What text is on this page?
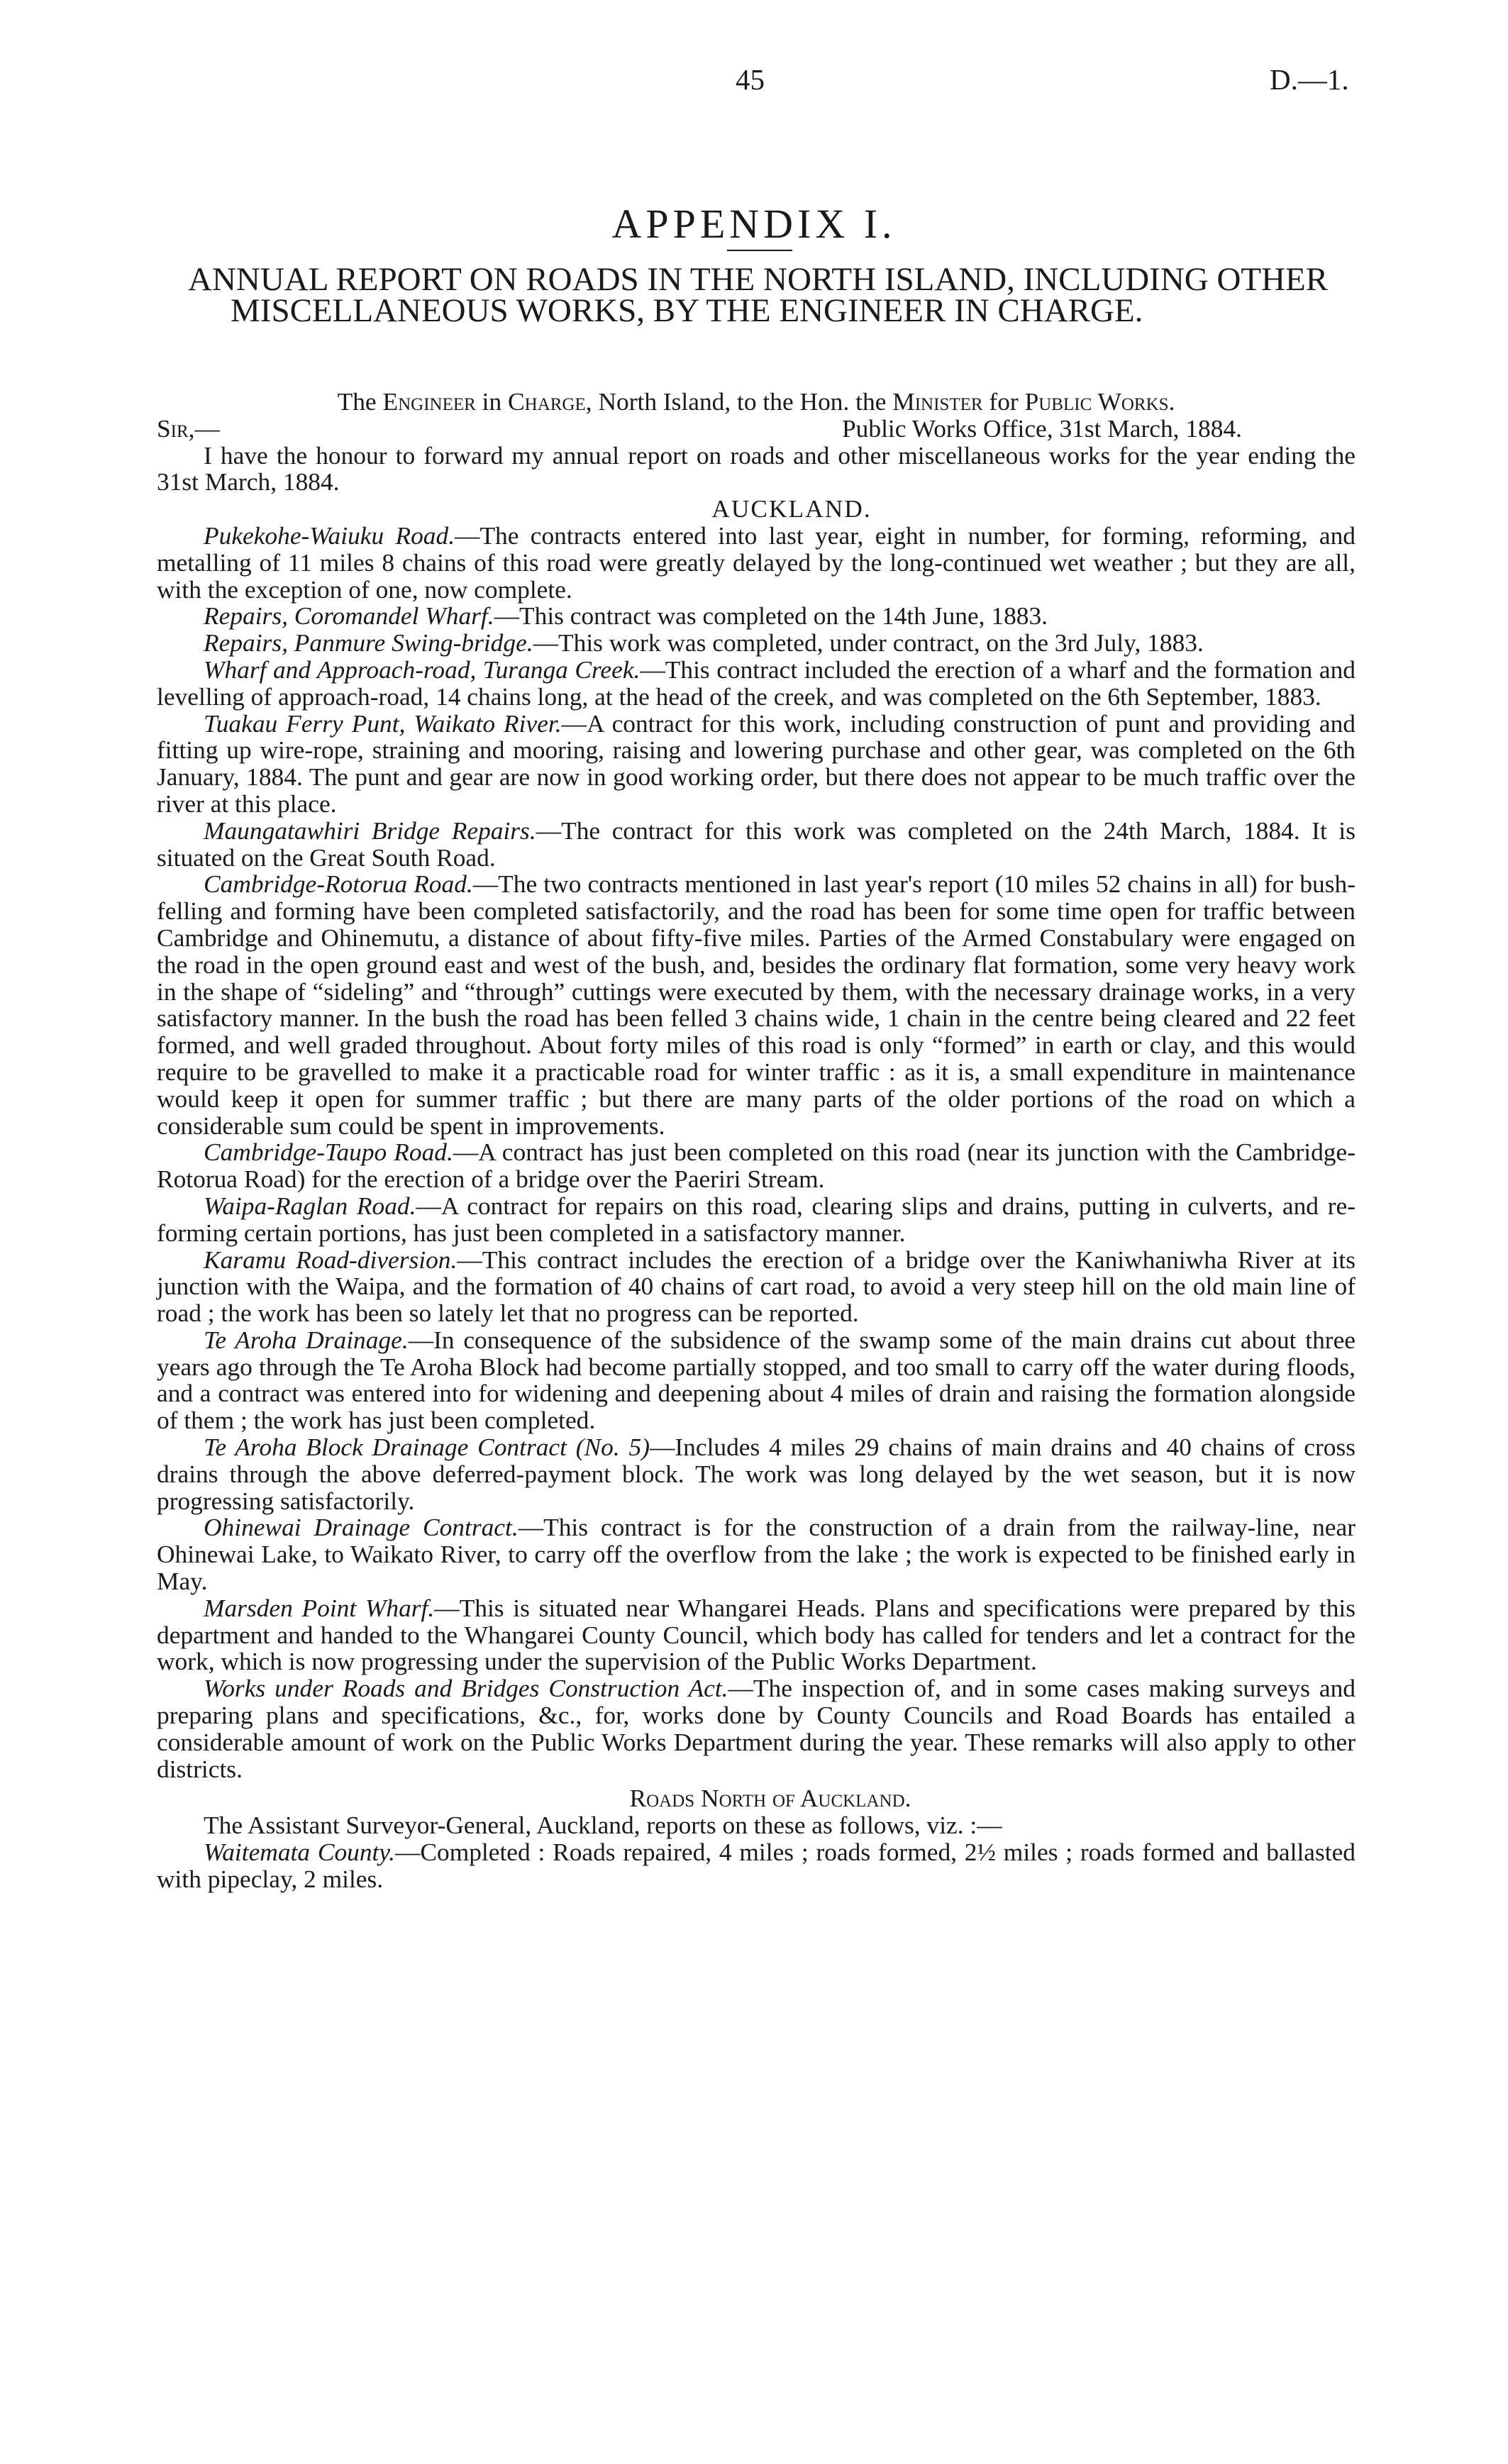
45	D.—1.
APPENDIX I.
ANNUAL REPORT ON ROADS IN THE NORTH ISLAND, INCLUDING OTHER MISCELLANEOUS WORKS, BY THE ENGINEER IN CHARGE.

The Engineer in Charge, North Island, to the Hon. the Minister for Public Works.

Sir,—	Public Works Office, 31st March, 1884.

I have the honour to forward my annual report on roads and other miscellaneous works for the year ending the 31st March, 1884.

AUCKLAND.

Pukekohe-Waiuku Road.—The contracts entered into last year, eight in number, for forming, reforming, and metalling of 11 miles 8 chains of this road were greatly delayed by the long-continued wet weather ; but they are all, with the exception of one, now complete.

Repairs, Coromandel Wharf.—This contract was completed on the 14th June, 1883.

Repairs, Panmure Swing-bridge.—This work was completed, under contract, on the 3rd July, 1883.

Wharf and Approach-road, Turanga Creek.—This contract included the erection of a wharf and the formation and levelling of approach-road, 14 chains long, at the head of the creek, and was completed on the 6th September, 1883.

Tuakau Ferry Punt, Waikato River.—A contract for this work, including construction of punt and providing and fitting up wire-rope, straining and mooring, raising and lowering purchase and other gear, was completed on the 6th January, 1884. The punt and gear are now in good working order, but there does not appear to be much traffic over the river at this place.

Maungatawhiri Bridge Repairs.—The contract for this work was completed on the 24th March, 1884. It is situated on the Great South Road.

Cambridge-Rotorua Road.—The two contracts mentioned in last year's report (10 miles 52 chains in all) for bush-felling and forming have been completed satisfactorily, and the road has been for some time open for traffic between Cambridge and Ohinemutu, a distance of about fifty-five miles. Parties of the Armed Constabulary were engaged on the road in the open ground east and west of the bush, and, besides the ordinary flat formation, some very heavy work in the shape of “sideling” and “through” cuttings were executed by them, with the necessary drainage works, in a very satisfactory manner. In the bush the road has been felled 3 chains wide, 1 chain in the centre being cleared and 22 feet formed, and well graded throughout. About forty miles of this road is only “formed” in earth or clay, and this would require to be gravelled to make it a practicable road for winter traffic : as it is, a small expenditure in maintenance would keep it open for summer traffic ; but there are many parts of the older portions of the road on which a considerable sum could be spent in improvements.

Cambridge-Taupo Road.—A contract has just been completed on this road (near its junction with the Cambridge-Rotorua Road) for the erection of a bridge over the Paeriri Stream.

Waipa-Raglan Road.—A contract for repairs on this road, clearing slips and drains, putting in culverts, and re-forming certain portions, has just been completed in a satisfactory manner.

Karamu Road-diversion.—This contract includes the erection of a bridge over the Kaniwhaniwha River at its junction with the Waipa, and the formation of 40 chains of cart road, to avoid a very steep hill on the old main line of road ; the work has been so lately let that no progress can be reported.

Te Aroha Drainage.—In consequence of the subsidence of the swamp some of the main drains cut about three years ago through the Te Aroha Block had become partially stopped, and too small to carry off the water during floods, and a contract was entered into for widening and deepening about 4 miles of drain and raising the formation alongside of them ; the work has just been completed.

Te Aroha Block Drainage Contract (No. 5)—Includes 4 miles 29 chains of main drains and 40 chains of cross drains through the above deferred-payment block. The work was long delayed by the wet season, but it is now progressing satisfactorily.

Ohinewai Drainage Contract.—This contract is for the construction of a drain from the railway-line, near Ohinewai Lake, to Waikato River, to carry off the overflow from the lake ; the work is expected to be finished early in May.

Marsden Point Wharf.—This is situated near Whangarei Heads. Plans and specifications were prepared by this department and handed to the Whangarei County Council, which body has called for tenders and let a contract for the work, which is now progressing under the supervision of the Public Works Department.

Works under Roads and Bridges Construction Act.—The inspection of, and in some cases making surveys and preparing plans and specifications, &c., for, works done by County Councils and Road Boards has entailed a considerable amount of work on the Public Works Department during the year. These remarks will also apply to other districts.

Roads North of Auckland.

The Assistant Surveyor-General, Auckland, reports on these as follows, viz. :—

Waitemata County.—Completed : Roads repaired, 4 miles ; roads formed, 2½ miles ; roads formed and ballasted with pipeclay, 2 miles.
